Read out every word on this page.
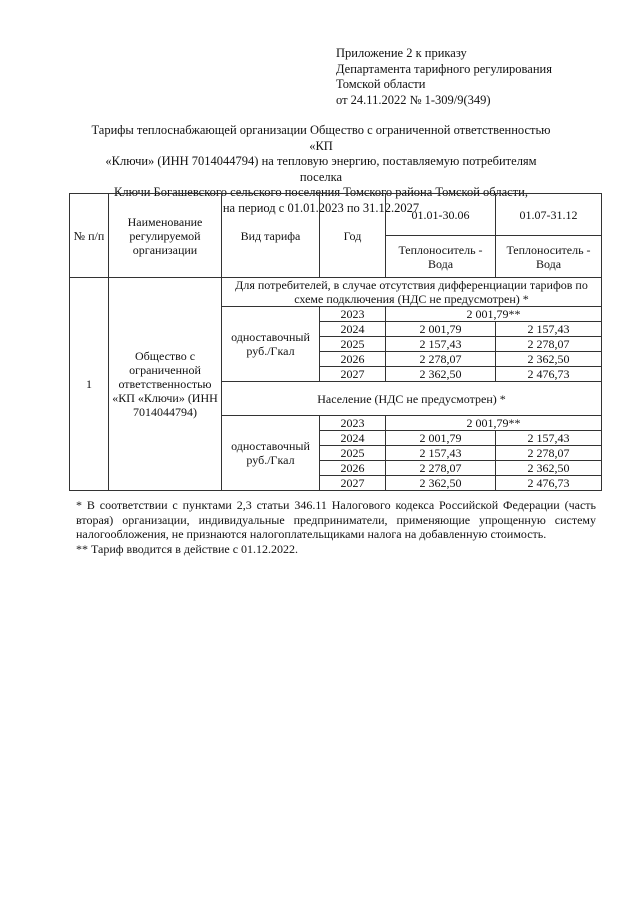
Приложение 2 к приказу
Департамента тарифного регулирования
Томской области
от 24.11.2022 № 1-309/9(349)
Тарифы теплоснабжающей организации Общество с ограниченной ответственностью «КП
«Ключи» (ИНН 7014044794) на тепловую энергию, поставляемую потребителям поселка
Ключи Богашевского сельского поселения Томского района Томской области,
на период с 01.01.2023 по 31.12.2027
№ п/п	Наименование регулируемой организации	Вид тарифа	Год	01.01-30.06	01.07-31.12
				Теплоноситель - Вода	Теплоноситель - Вода
1	Общество с ограниченной ответственностью «КП «Ключи» (ИНН 7014044794)	Для потребителей, в случае отсутствия дифференциации тарифов по схеме подключения (НДС не предусмотрен) *			
		одноставочный руб./Гкал	2023	2 001,79**	
			2024	2 001,79	2 157,43
			2025	2 157,43	2 278,07
			2026	2 278,07	2 362,50
			2027	2 362,50	2 476,73
		Население (НДС не предусмотрен) *			
		одноставочный руб./Гкал	2023	2 001,79**	
			2024	2 001,79	2 157,43
			2025	2 157,43	2 278,07
			2026	2 278,07	2 362,50
			2027	2 362,50	2 476,73

* В соответствии с пунктами 2,3 статьи 346.11 Налогового кодекса Российской Федерации (часть вторая) организации, индивидуальные предприниматели, применяющие упрощенную систему налогообложения, не признаются налогоплательщиками налога на добавленную стоимость.

** Тариф вводится в действие с 01.12.2022.
